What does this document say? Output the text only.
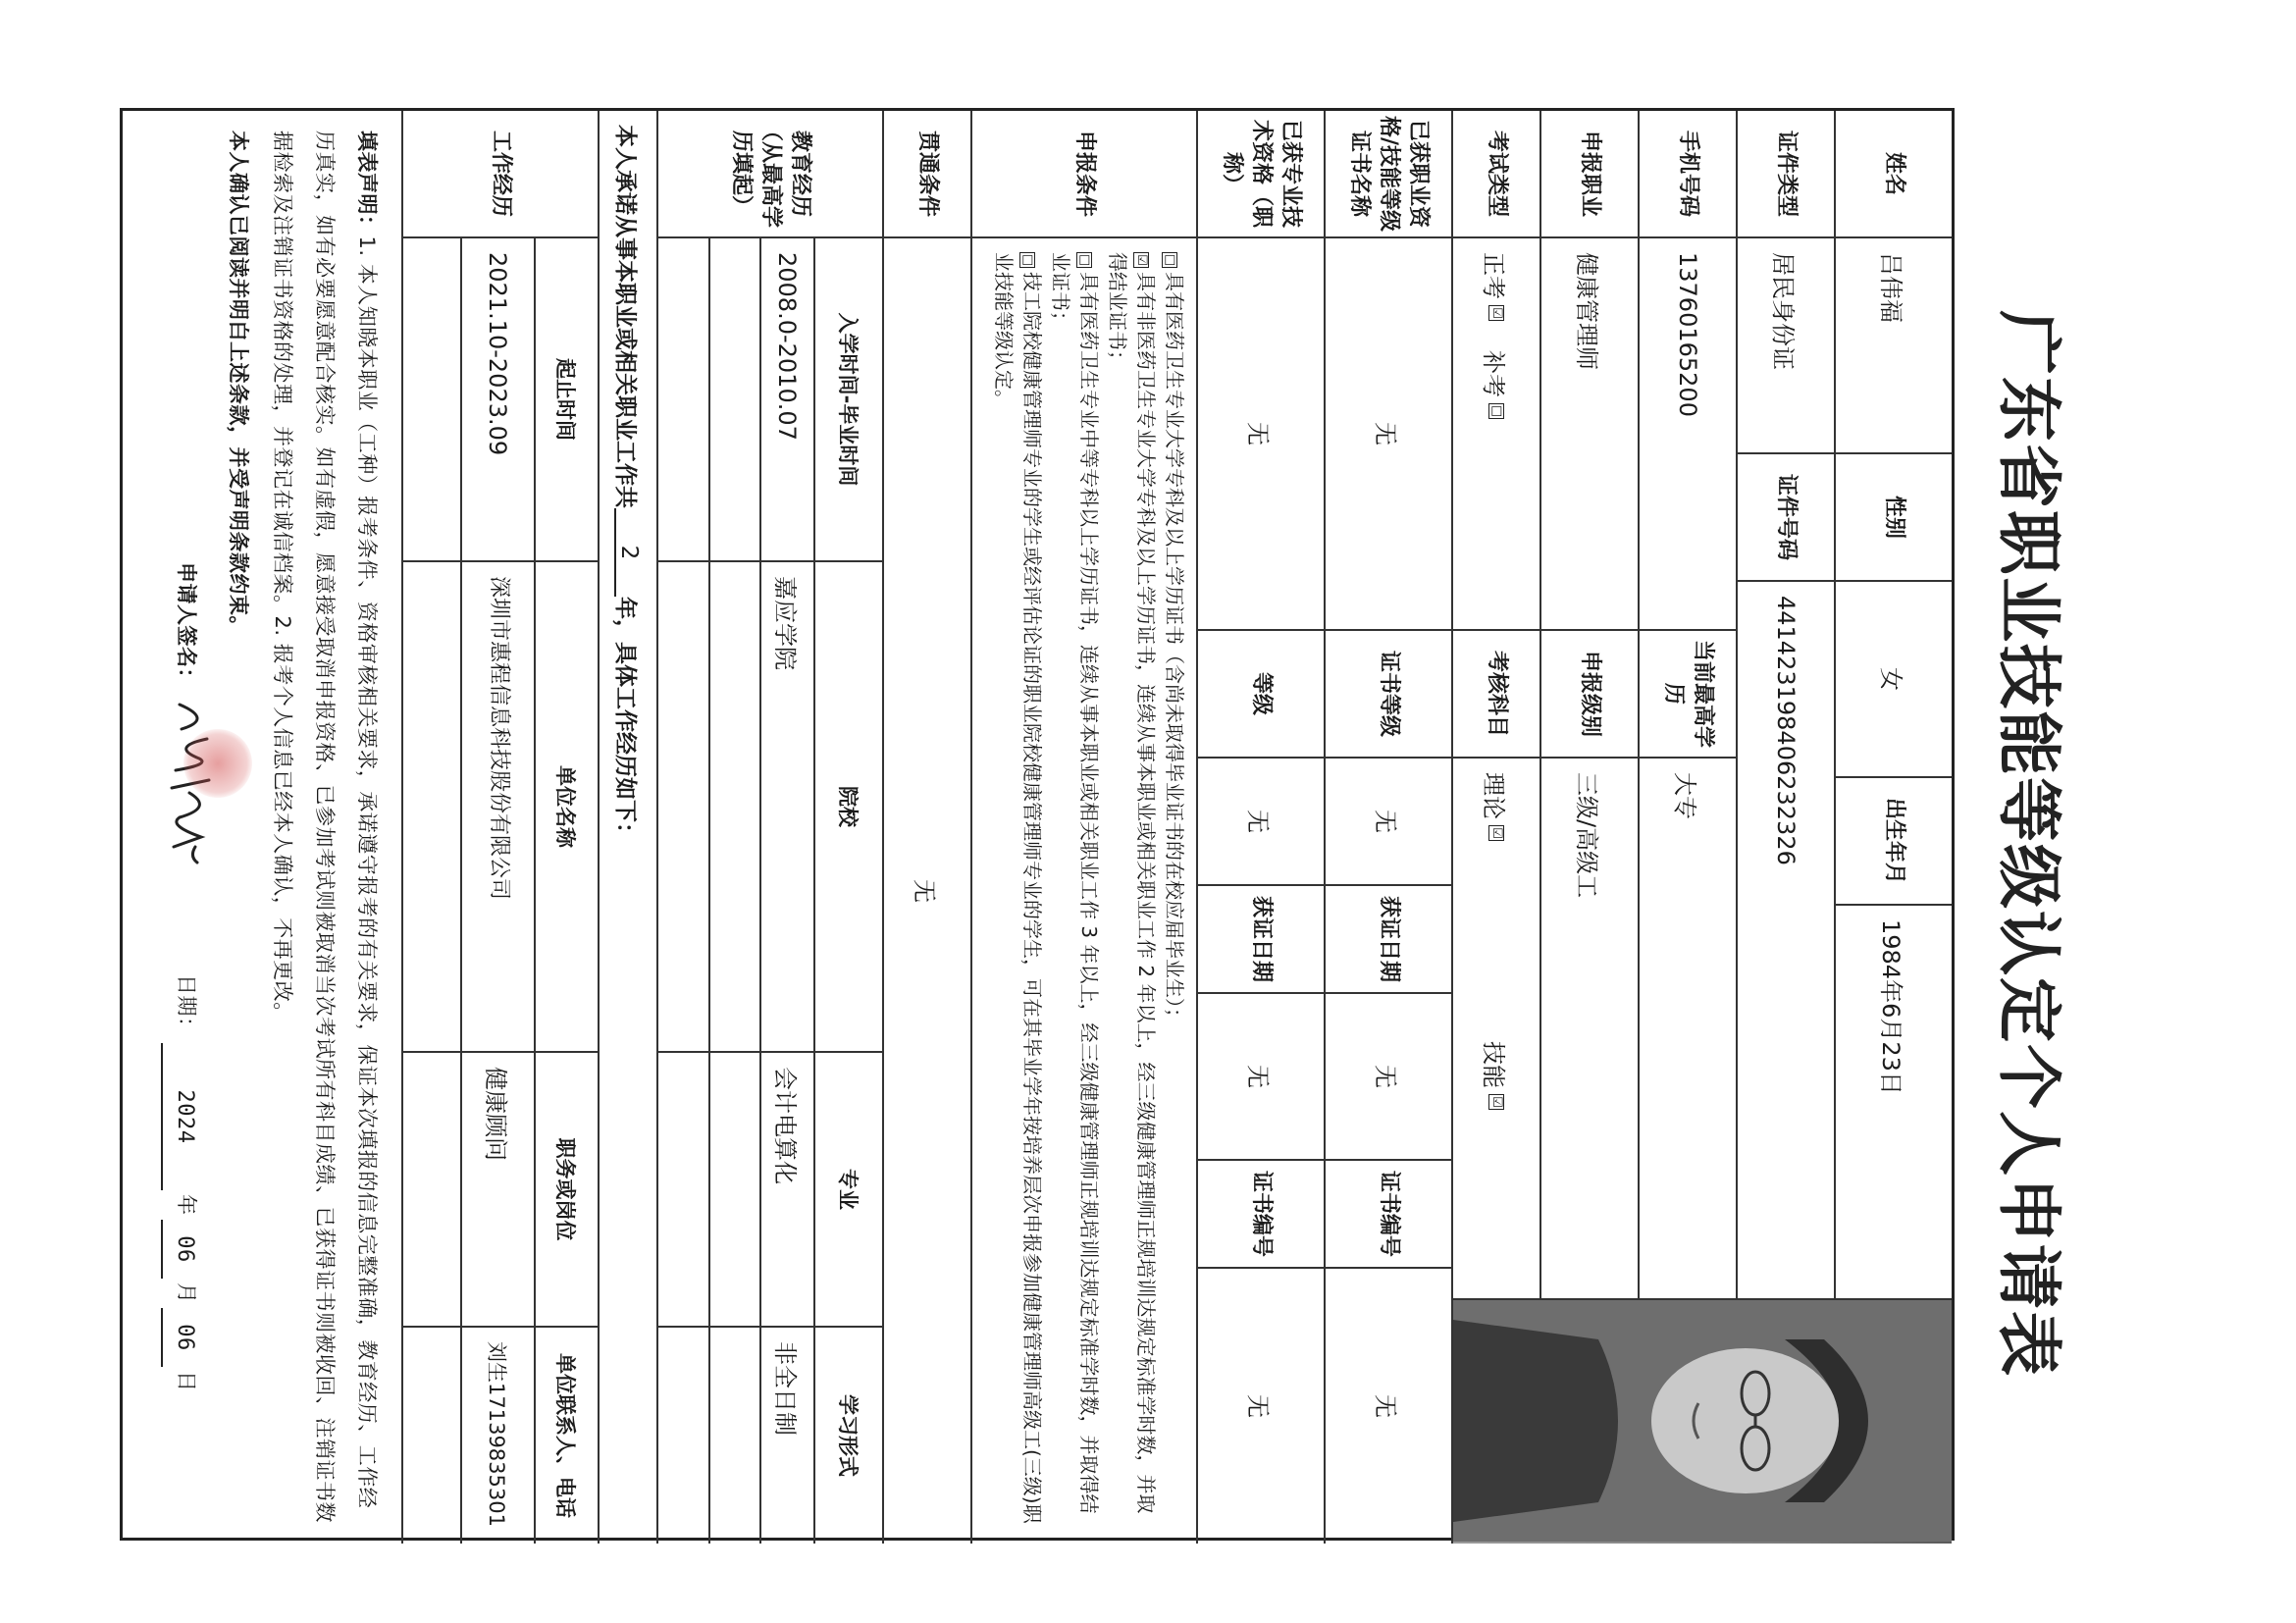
广东省职业技能等级认定个人申请表
姓名
吕伟福
性别
女
出生年月
1984年6月23日
证件类型
居民身份证
证件号码
441423198406232326
手机号码
13760165200
当前最高学历
大专
申报职业
健康管理师
申报级别
三级/高级工
考试类型
正考
☑
补考
□
考核科目
理论
☑
技能
☑
已获职业资格/技能等级证书名称
无
证书等级
无
获证日期
无
证书编号
无
已获专业技术资格（职称）
无
等级
无
获证日期
无
证书编号
无
申报条件
□具有医药卫生专业大学专科及以上学历证书（含尚未取得毕业证书的在校应届毕业生）；
☑具有非医药卫生专业大学专科及以上学历证书，连续从事本职业或相关职业工作 2 年以上，经三级健康管理师正规培训达规定标准学时数，并取得结业证书；
□具有医药卫生专业中等专科以上学历证书，连续从事本职业或相关职业工作 3 年以上，经三级健康管理师正规培训达规定标准学时数，并取得结业证书；
□技工院校健康管理师专业的学生或经评估论证的职业院校健康管理师专业的学生，可在其毕业学年按培养层次申报参加健康管理师高级工(三级)职业技能等级认定。
贯通条件
无
教育经历（从最高学历填起）
入学时间-毕业时间
院校
专业
学习形式
2008.0-2010.07
嘉应学院
会计电算化
非全日制
本人承诺从事本职业或相关职业工作共
2
年，具体工作经历如下：
工作经历
起止时间
单位名称
职务或岗位
单位联系人、电话
2021.10-2023.09
深圳市惠程信息科技股份有限公司
健康顾问
刘生17139835301
填表声明：1. 本人知晓本职业（工种）报考条件、资格审核相关要求，承诺遵守报考的有关要求，保证本次填报的信息完整准确，教育经历、工作经历真实，如有必要愿意配合核实。如有虚假，愿意接受取消申报资格、已参加考试则被取消当次考试所有科目成绩、已获得证书则被收回、注销证书数据检索及注销证书资格的处理，并登记在诚信档案。2. 报考个人信息已经本人确认，不再更改。
本人确认已阅读并明白上述条款，并受声明条款约束。
申请人签名：
日期：
2024
年
06
月
06
日
